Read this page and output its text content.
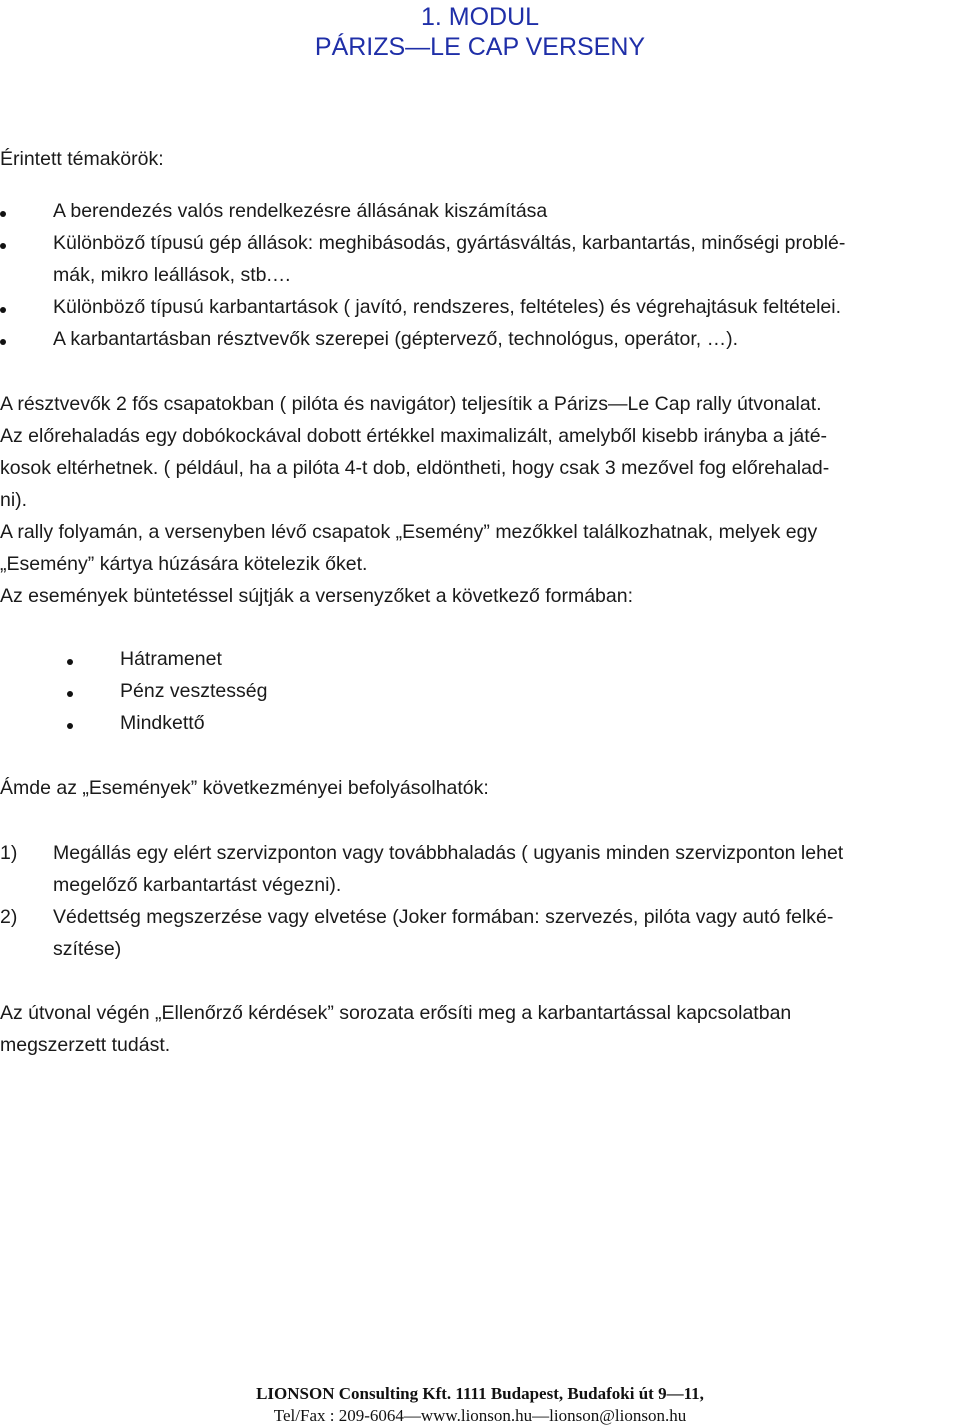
1. MODUL
PÁRIZS—LE CAP VERSENY
Érintett témakörök:
A berendezés valós rendelkezésre állásának kiszámítása
Különböző típusú gép állások: meghibásodás, gyártásváltás, karbantartás, minőségi problé-
mák, mikro leállások, stb.…
Különböző típusú karbantartások ( javító, rendszeres, feltételes) és végrehajtásuk feltételei.
A karbantartásban résztvevők szerepei (géptervező, technológus, operátor, …).
A résztvevők 2 fős csapatokban ( pilóta és navigátor) teljesítik a Párizs—Le Cap rally útvonalat.
Az előrehaladás egy dobókockával dobott értékkel maximalizált, amelyből kisebb irányba a játé-
kosok eltérhetnek. ( például, ha a pilóta 4-t dob, eldöntheti, hogy csak 3 mezővel fog előrehalad-
ni).
A rally folyamán, a versenyben lévő csapatok „Esemény” mezőkkel találkozhatnak, melyek egy
„Esemény” kártya húzására kötelezik őket.
Az események büntetéssel sújtják a versenyzőket a következő formában:
Hátramenet
Pénz vesztesség
Mindkettő
Ámde az „Események” következményei befolyásolhatók:
1) Megállás egy elért szervizponton vagy továbbhaladás ( ugyanis minden szervizponton lehet
megelőző karbantartást végezni).
2) Védettség megszerzése vagy elvetése (Joker formában: szervezés, pilóta vagy autó felké-
szítése)
Az útvonal végén „Ellenőrző kérdések” sorozata erősíti meg a karbantartással kapcsolatban
megszerzett tudást.
LIONSON Consulting Kft. 1111 Budapest, Budafoki út 9—11,
Tel/Fax : 209-6064—www.lionson.hu—lionson@lionson.hu
